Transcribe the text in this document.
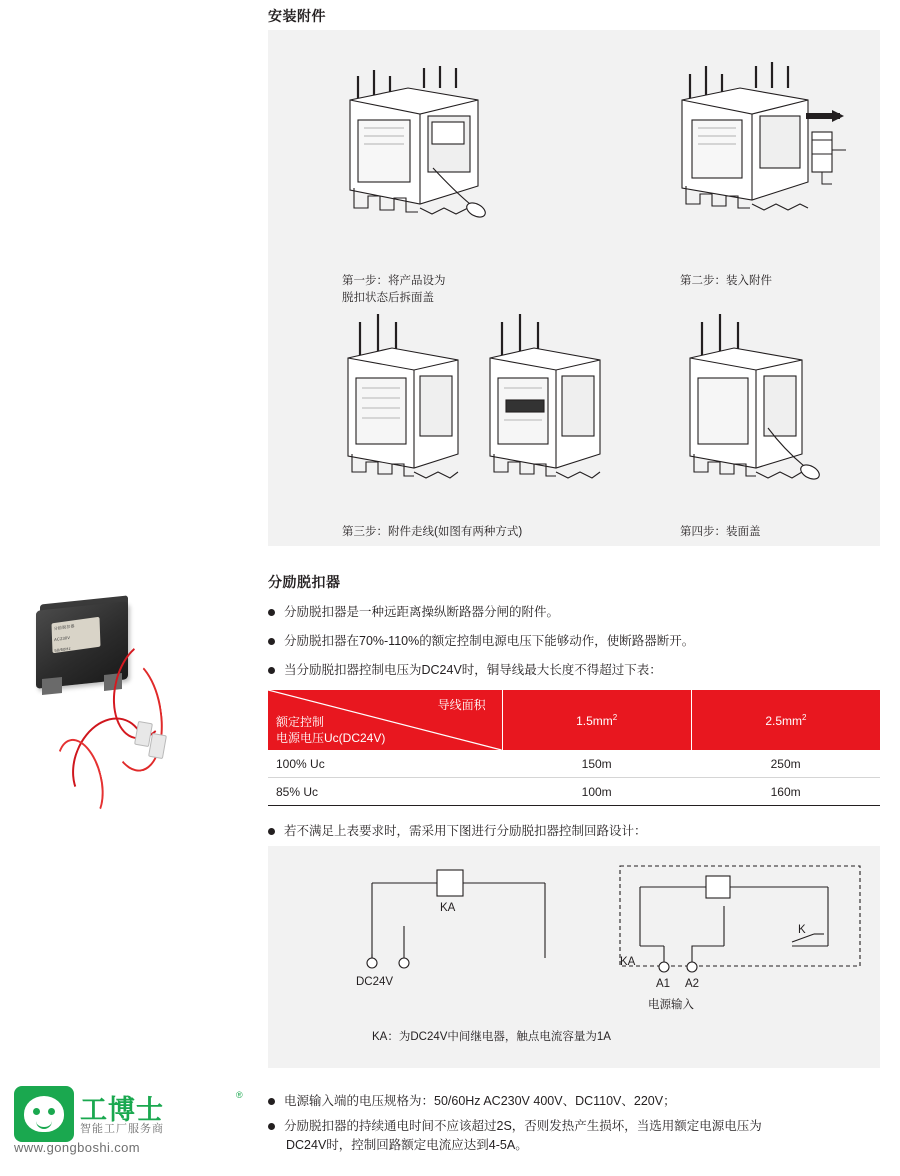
分励脱扣器
AC230V
50/60Hz
工博士	®
智能工厂服务商
www.gongboshi.com
安装附件
第一步：将产品设为
脱扣状态后拆面盖
第二步：装入附件
第三步：附件走线(如图有两种方式)	第四步：装面盖
分励脱扣器
分励脱扣器是一种远距离操纵断路器分闸的附件。
分励脱扣器在70%-110%的额定控制电源电压下能够动作，使断路器断开。
当分励脱扣器控制电压为DC24V时，铜导线最大长度不得超过下表：
导线面积
额定控制
电源电压Uc(DC24V)	$1.5mm^2$	$2.5mm^2$
100% Uc	150m	250m
85% Uc	100m	160m
若不满足上表要求时，需采用下图进行分励脱扣器控制回路设计：
KA
DC24V
KA
K
A1 A2
电源输入
KA：为DC24V中间继电器，触点电流容量为1A
电源输入端的电压规格为：50/60Hz AC230V 400V、DC110V、220V；
分励脱扣器的持续通电时间不应该超过2S，否则发热产生损坏，当选用额定电源电压为
DC24V时，控制回路额定电流应达到4-5A。
